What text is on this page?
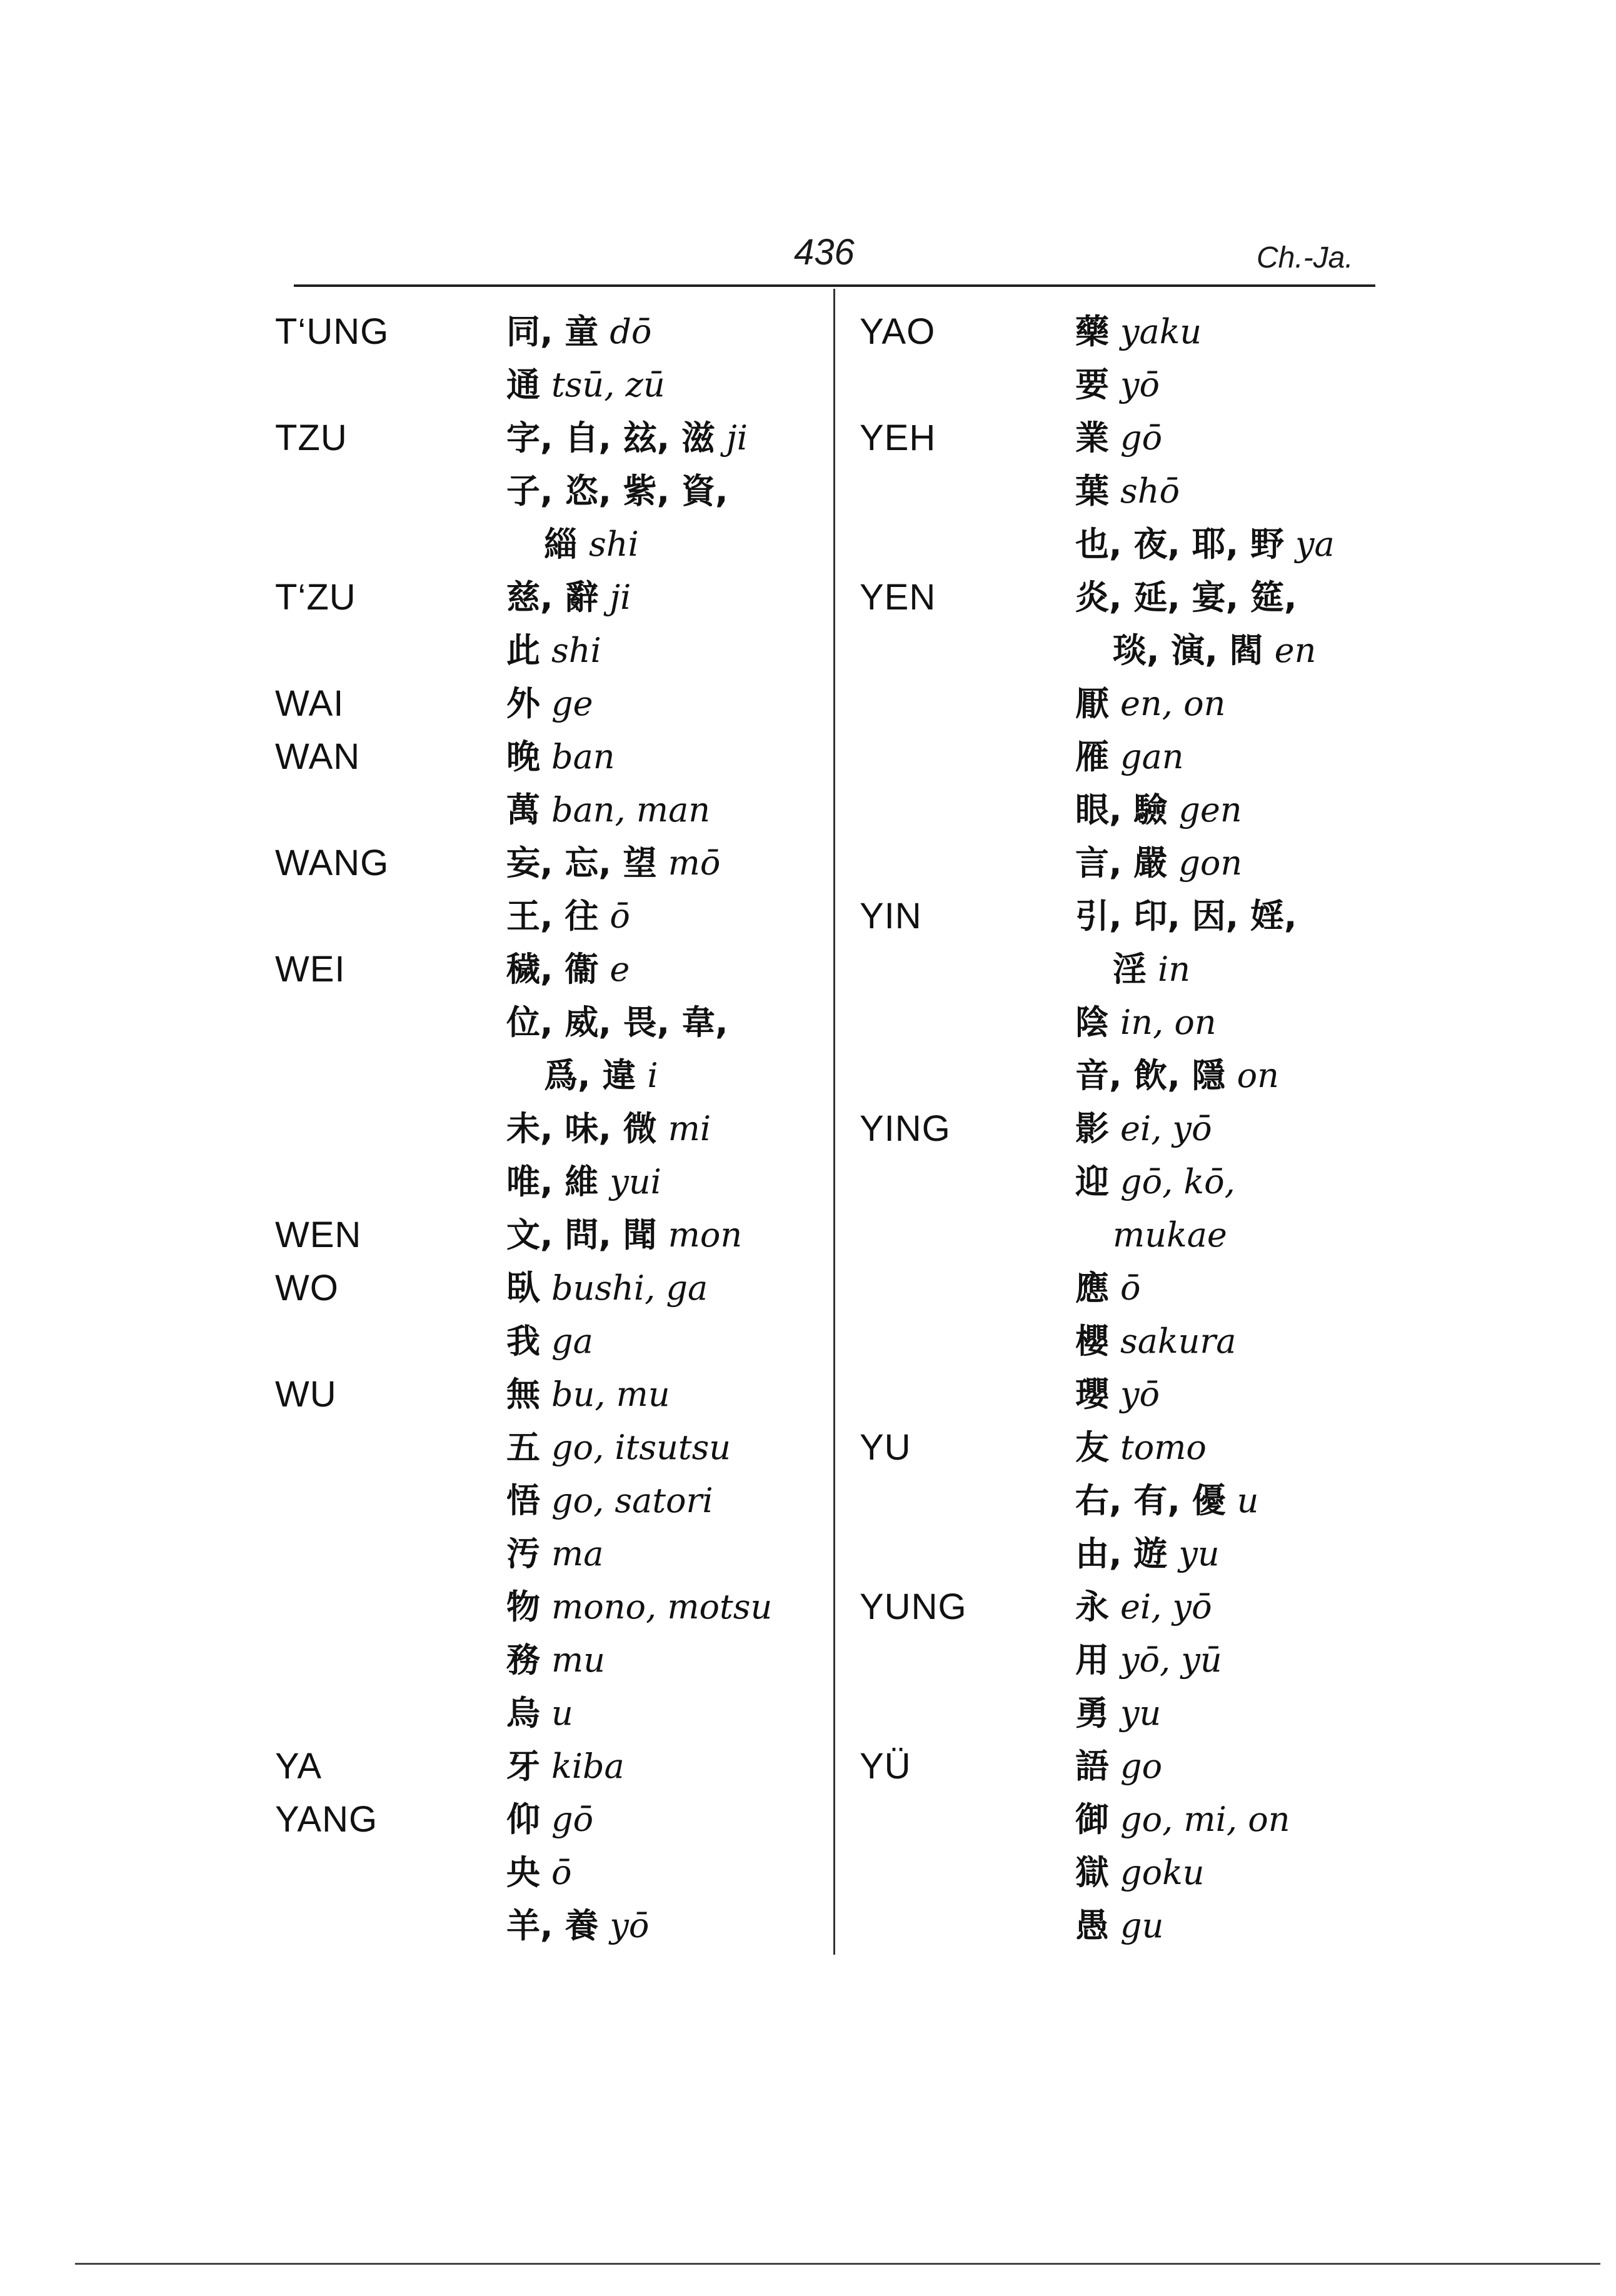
436	Ch.-Ja.
T‘UNG	同, 童 dō
通 tsū, zū
TZU	字, 自, 玆, 滋 ji
子, 恣, 紫, 資,
緇 shi
T‘ZU	慈, 辭 ji
此 shi
WAI	外 ge
WAN	晚 ban
萬 ban, man
WANG	妄, 忘, 望 mō
王, 往 ō
WEI	穢, 衞 e
位, 威, 畏, 韋,
爲, 違 i
未, 味, 微 mi
唯, 維 yui
WEN	文, 問, 聞 mon
WO	臥 bushi, ga
我 ga
WU	無 bu, mu
五 go, itsutsu
悟 go, satori
汚 ma
物 mono, motsu
務 mu
烏 u
YA	牙 kiba
YANG	仰 gō
央 ō
羊, 養 yō
YAO	藥 yaku
要 yō
YEH	業 gō
葉 shō
也, 夜, 耶, 野 ya
YEN	炎, 延, 宴, 筵,
琰, 演, 閻 en
厭 en, on
雁 gan
眼, 驗 gen
言, 嚴 gon
YIN	引, 印, 因, 婬,
淫 in
陰 in, on
音, 飲, 隱 on
YING	影 ei, yō
迎 gō, kō,
mukae
應 ō
櫻 sakura
瓔 yō
YU	友 tomo
右, 有, 優 u
由, 遊 yu
YUNG	永 ei, yō
用 yō, yū
勇 yu
YÜ	語 go
御 go, mi, on
獄 goku
愚 gu
